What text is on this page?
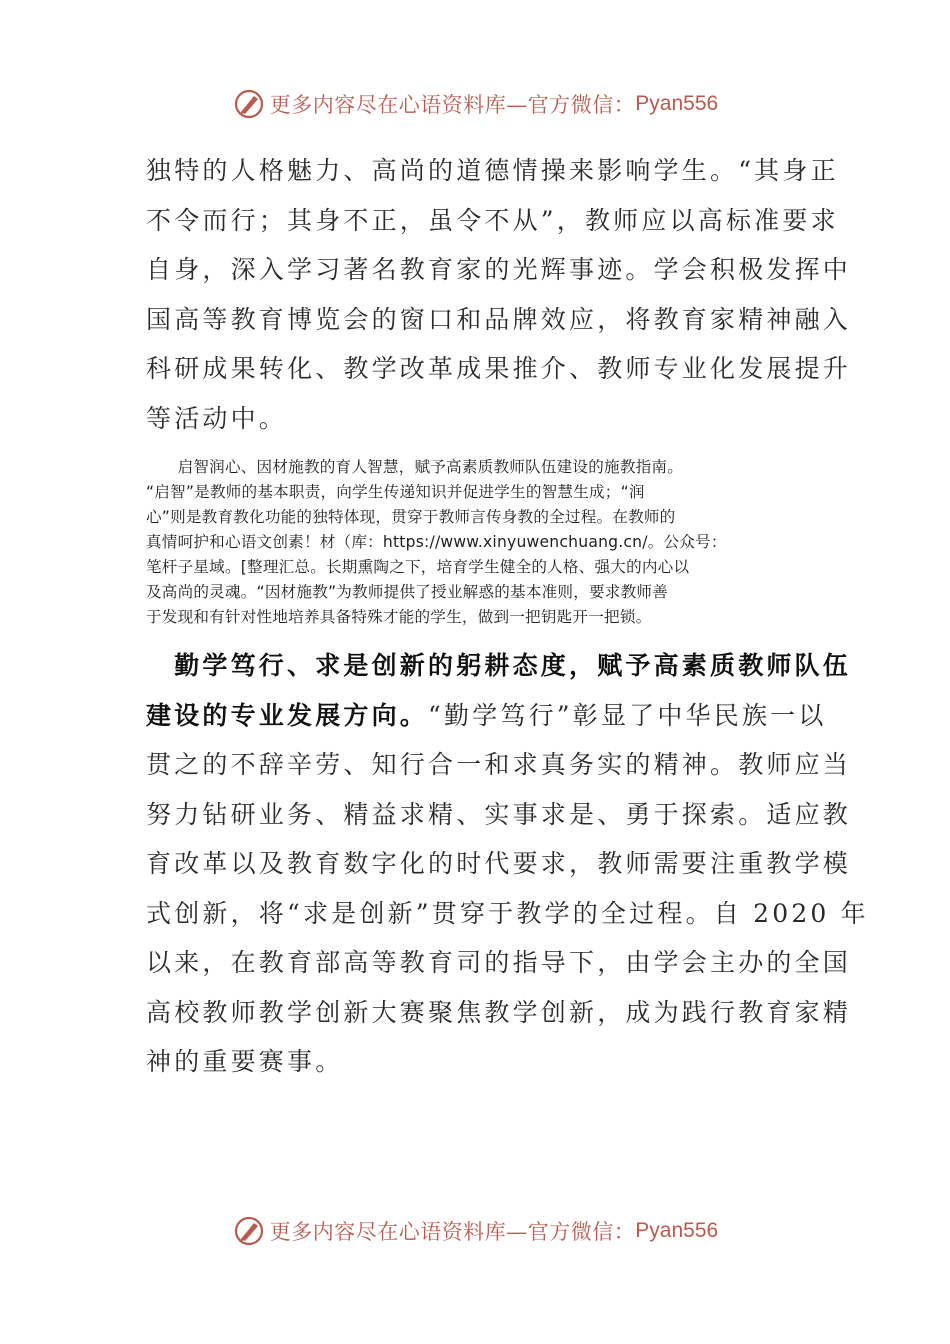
更多内容尽在心语资料库—官方微信： Pyan556

独特的人格魅力、高尚的道德情操来影响学生。“其身正
不令而行；其身不正，虽令不从”，教师应以高标准要求
自身，深入学习著名教育家的光辉事迹。学会积极发挥中
国高等教育博览会的窗口和品牌效应，将教育家精神融入
科研成果转化、教学改革成果推介、教师专业化发展提升
等活动中。

　　启智润心、因材施教的育人智慧，赋予高素质教师队伍建设的施教指南。
“启智”是教师的基本职责，向学生传递知识并促进学生的智慧生成；“润
心”则是教育教化功能的独特体现，贯穿于教师言传身教的全过程。在教师的
真情呵护和心语文创素！材（库：https://www.xinyuwenchuang.cn/。公众号：
笔杆子星域。[整理汇总。长期熏陶之下，培育学生健全的人格、强大的内心以
及高尚的灵魂。“因材施教”为教师提供了授业解惑的基本准则，要求教师善
于发现和有针对性地培养具备特殊才能的学生，做到一把钥匙开一把锁。

　勤学笃行、求是创新的躬耕态度，赋予高素质教师队伍
建设的专业发展方向。“勤学笃行”彰显了中华民族一以
贯之的不辞辛劳、知行合一和求真务实的精神。教师应当
努力钻研业务、精益求精、实事求是、勇于探索。适应教
育改革以及教育数字化的时代要求，教师需要注重教学模
式创新，将“求是创新”贯穿于教学的全过程。自 2020 年
以来，在教育部高等教育司的指导下，由学会主办的全国
高校教师教学创新大赛聚焦教学创新，成为践行教育家精
神的重要赛事。

更多内容尽在心语资料库—官方微信： Pyan556
